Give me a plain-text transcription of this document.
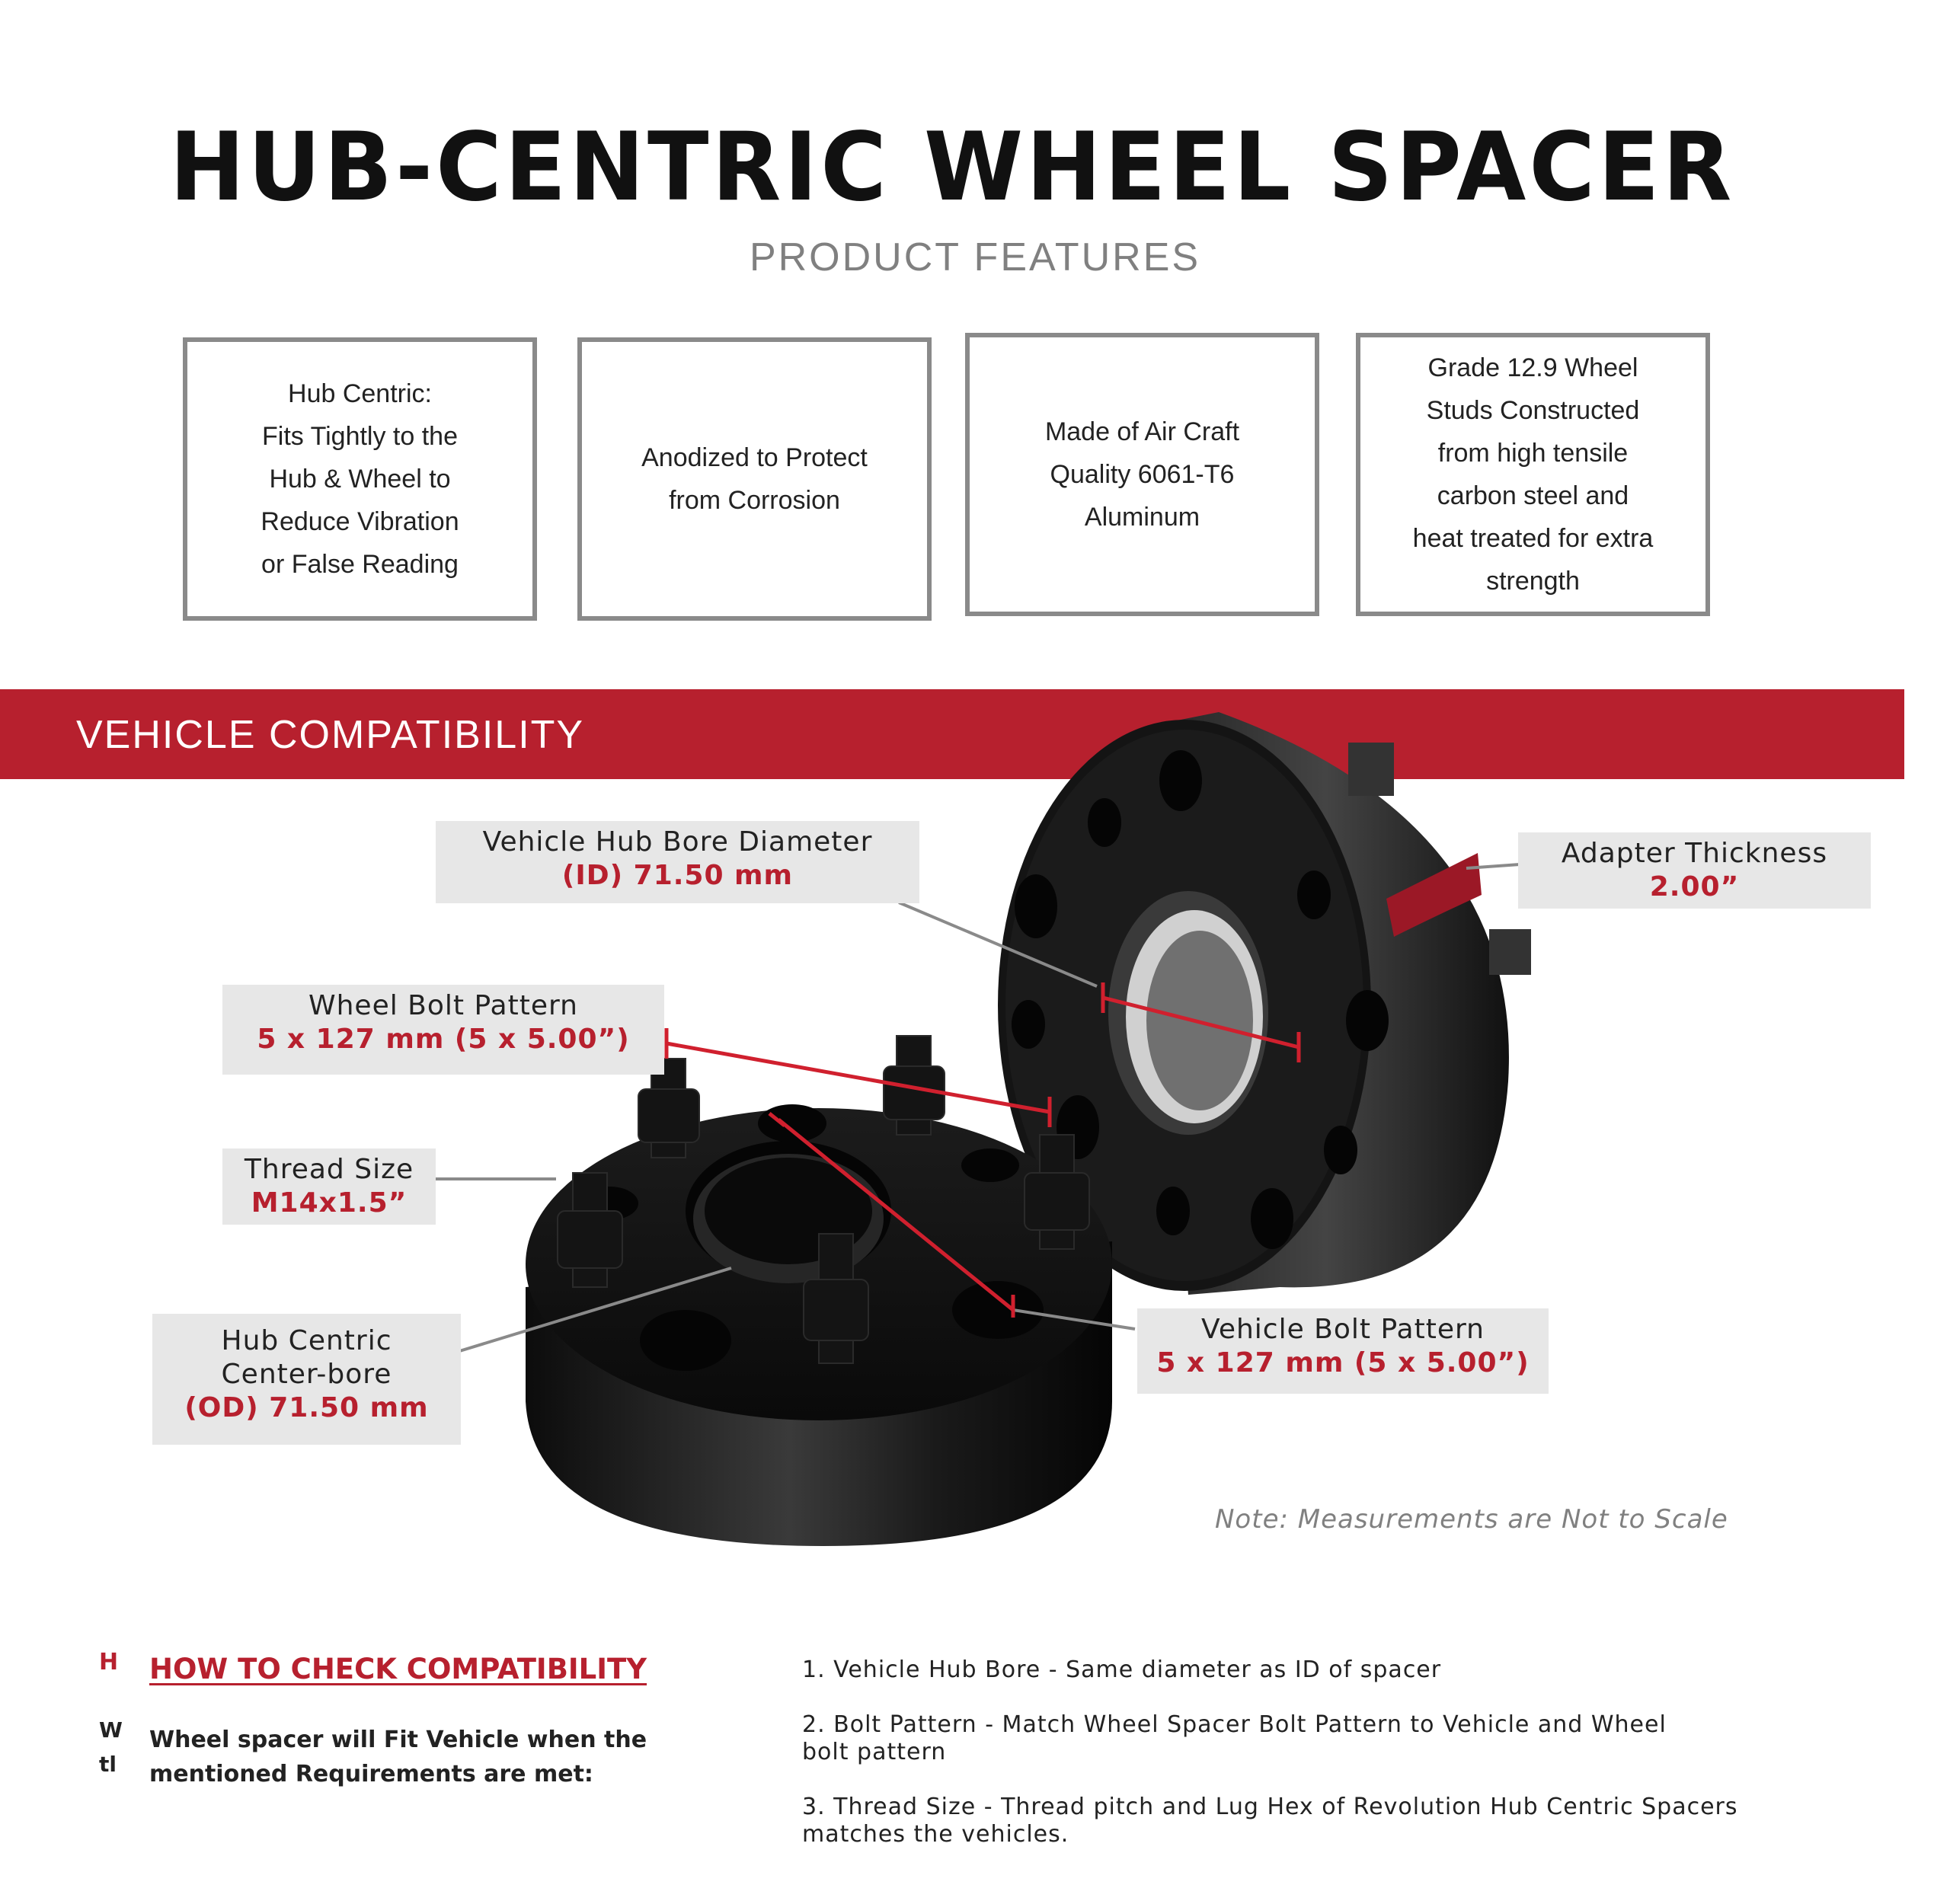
HUB-CENTRIC WHEEL SPACER
PRODUCT FEATURES
Hub Centric:
Fits Tightly to the
Hub & Wheel to
Reduce Vibration
or False Reading
Anodized to Protect
from Corrosion
Made of Air Craft
Quality 6061-T6
Aluminum
Grade 12.9 Wheel
Studs Constructed
from high tensile
carbon steel and
heat treated for extra
strength
VEHICLE COMPATIBILITY
Vehicle Hub Bore Diameter
(ID) 71.50 mm
Adapter Thickness
2.00”
Wheel Bolt Pattern
5 x 127 mm (5 x 5.00”)
Thread Size
M14x1.5”
Hub Centric
Center-bore
(OD) 71.50 mm
Vehicle Bolt Pattern
5 x 127 mm (5 x 5.00”)
Note: Measurements are Not to Scale
H HOW TO CHECK COMPATIBILITY
W
tl
Wheel spacer will Fit Vehicle when the mentioned Requirements are met:
1. Vehicle Hub Bore - Same diameter as ID of spacer
2. Bolt Pattern - Match Wheel Spacer Bolt Pattern to Vehicle and Wheel bolt pattern
3. Thread Size - Thread pitch and Lug Hex of Revolution Hub Centric Spacers matches the vehicles.
